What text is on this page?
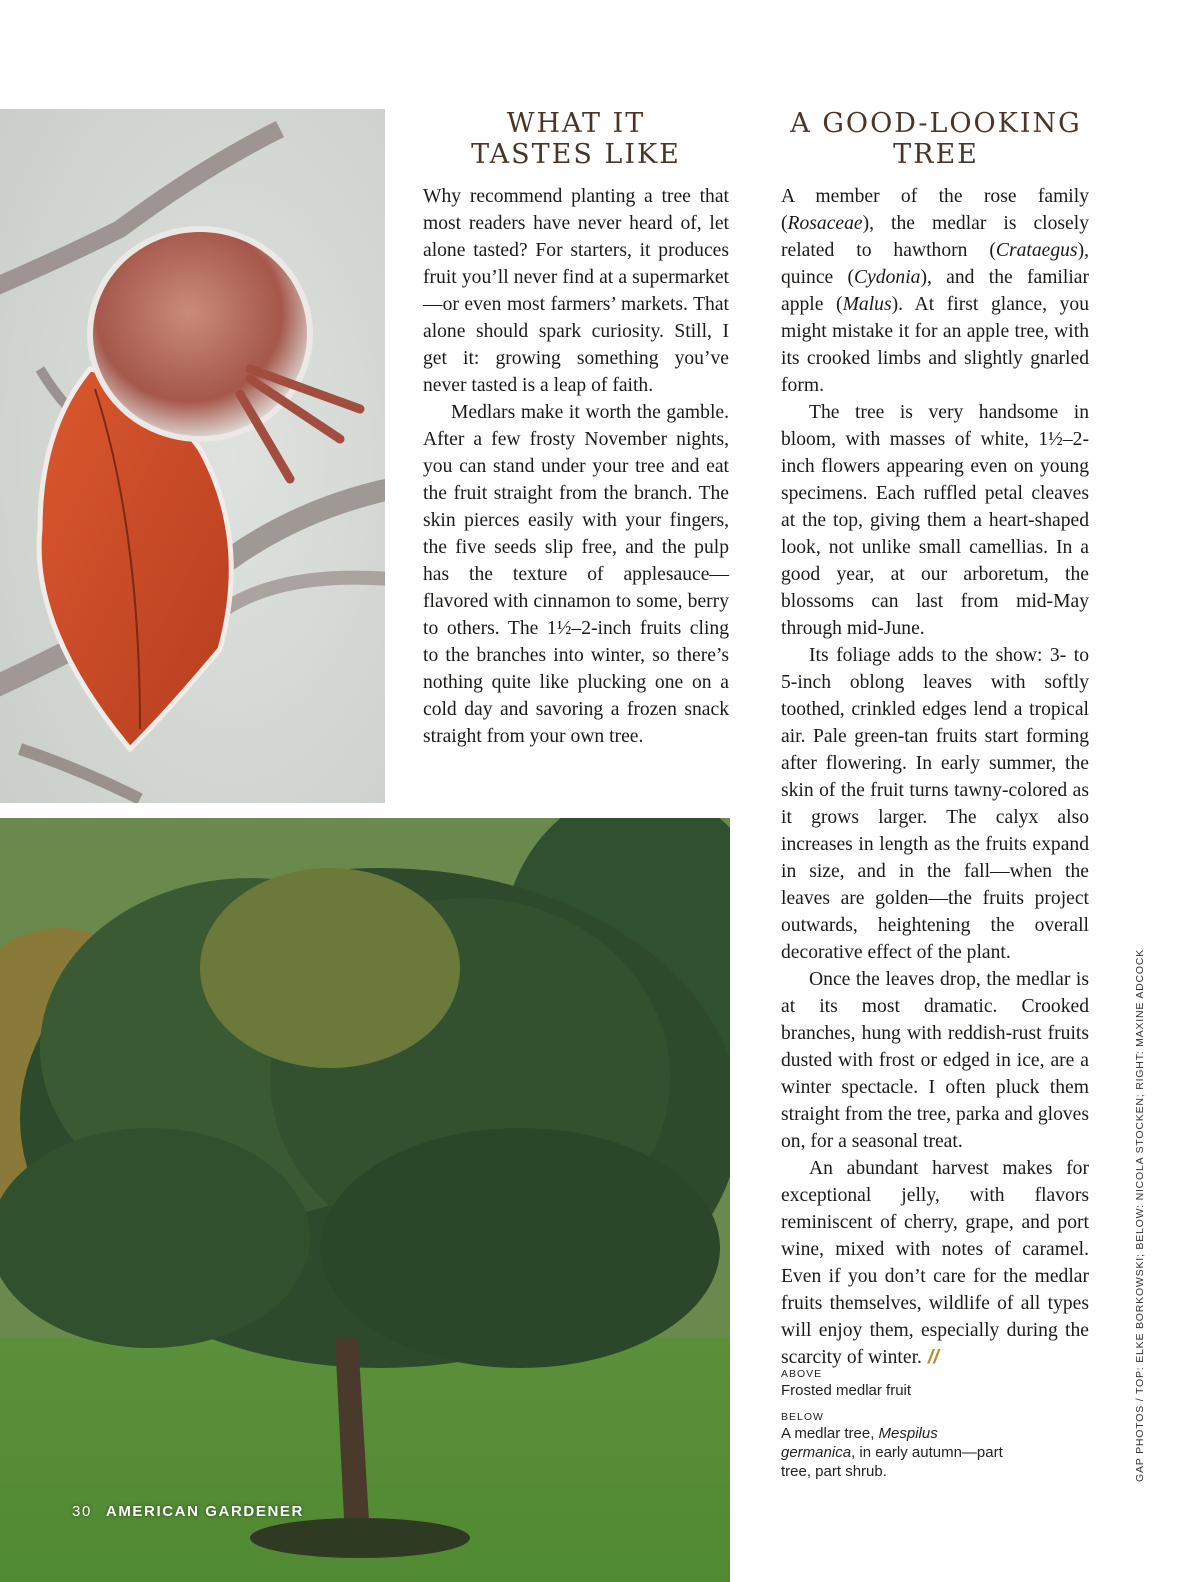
WHAT IT
TASTES LIKE

Why recommend planting a tree that most readers have never heard of, let alone tasted? For starters, it produces fruit you’ll never find at a supermarket —or even most farmers’ markets. That alone should spark curiosity. Still, I get it: growing something you’ve never tasted is a leap of faith.

Medlars make it worth the gamble. After a few frosty November nights, you can stand under your tree and eat the fruit straight from the branch. The skin pierces easily with your fingers, the five seeds slip free, and the pulp has the texture of applesauce—flavored with cinnamon to some, berry to others. The 1½–2-inch fruits cling to the branches into winter, so there’s nothing quite like plucking one on a cold day and savoring a frozen snack straight from your own tree.

A GOOD-LOOKING
TREE

A member of the rose family (Rosaceae), the medlar is closely related to hawthorn (Crataegus), quince (Cydonia), and the familiar apple (Malus). At first glance, you might mistake it for an apple tree, with its crooked limbs and slightly gnarled form.

The tree is very handsome in bloom, with masses of white, 1½–2-inch flowers appearing even on young specimens. Each ruffled petal cleaves at the top, giving them a heart-shaped look, not unlike small camellias. In a good year, at our arboretum, the blossoms can last from mid-May through mid-June.

Its foliage adds to the show: 3- to 5-inch oblong leaves with softly toothed, crinkled edges lend a tropical air. Pale green-tan fruits start forming after flowering. In early summer, the skin of the fruit turns tawny-colored as it grows larger. The calyx also increases in length as the fruits expand in size, and in the fall—when the leaves are golden—the fruits project outwards, heightening the overall decorative effect of the plant.

Once the leaves drop, the medlar is at its most dramatic. Crooked branches, hung with reddish-rust fruits dusted with frost or edged in ice, are a winter spectacle. I often pluck them straight from the tree, parka and gloves on, for a seasonal treat.

An abundant harvest makes for exceptional jelly, with flavors reminiscent of cherry, grape, and port wine, mixed with notes of caramel. Even if you don’t care for the medlar fruits themselves, wildlife of all types will enjoy them, especially during the scarcity of winter. //

ABOVE
Frosted medlar fruit
BELOW
A medlar tree, Mespilus germanica, in early autumn—part tree, part shrub.	GAP PHOTOS / TOP: ELKE BORKOWSKI; BELOW: NICOLA STOCKEN; RIGHT: MAXINE ADCOCK
30 AMERICAN GARDENER
